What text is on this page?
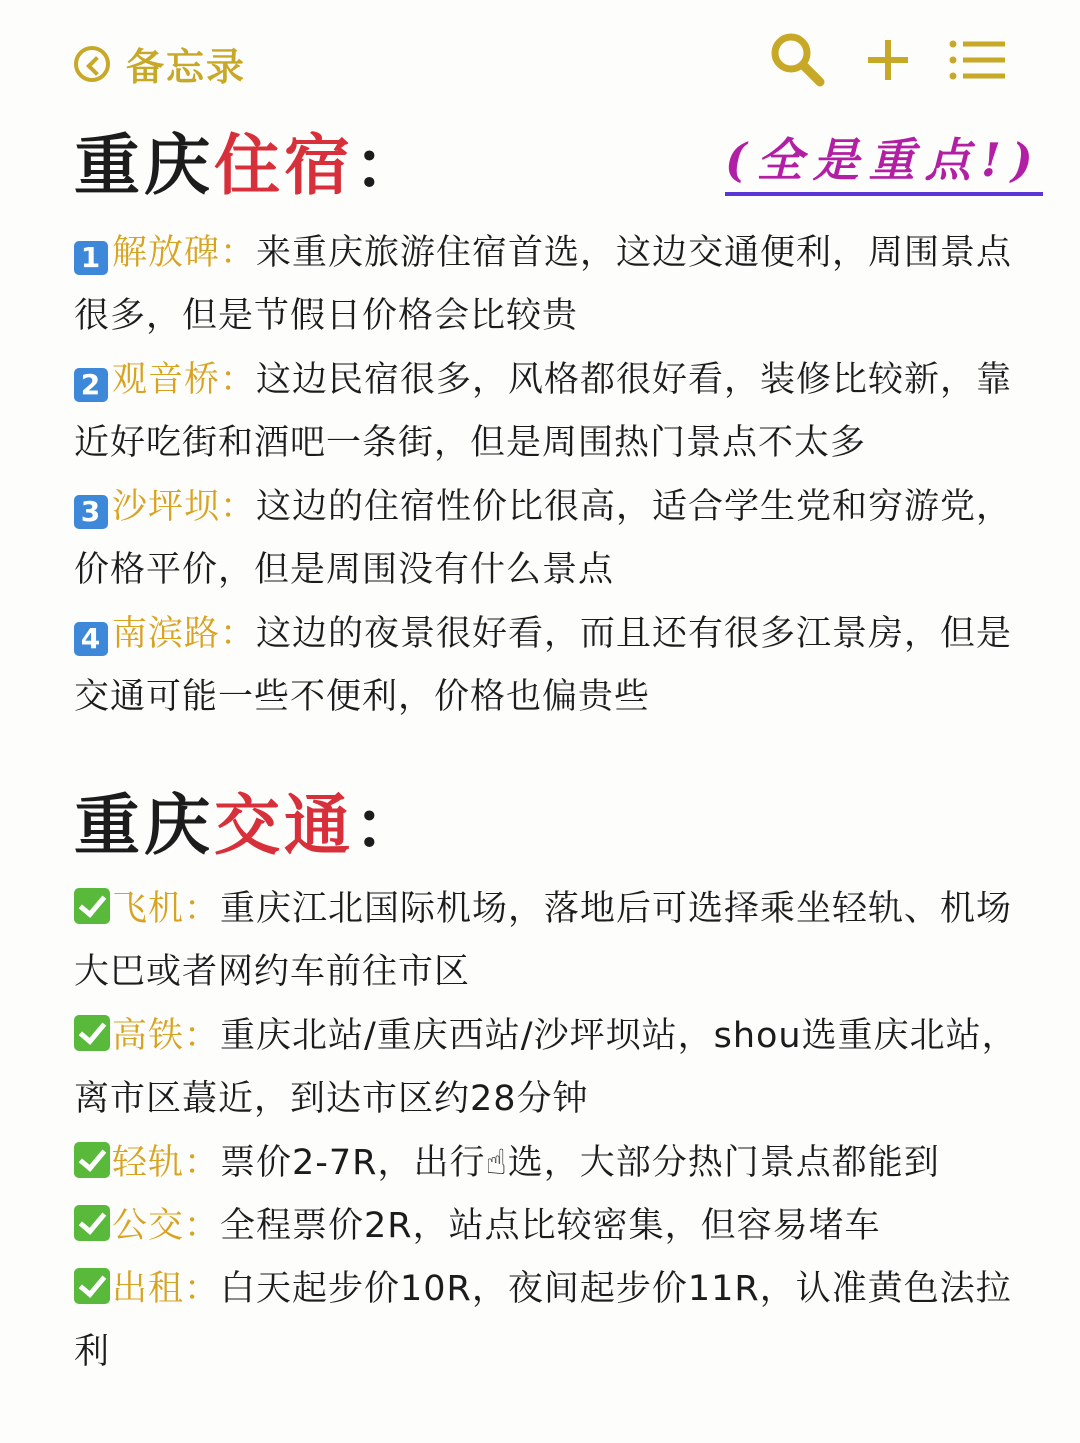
备忘录
重庆住宿：	(全是重点!)
1 解放碑：来重庆旅游住宿首选，这边交通便利，周围景点很多，但是节假日价格会比较贵
2 观音桥：这边民宿很多，风格都很好看，装修比较新，靠近好吃街和酒吧一条街，但是周围热门景点不太多
3 沙坪坝：这边的住宿性价比很高，适合学生党和穷游党，价格平价，但是周围没有什么景点
4 南滨路：这边的夜景很好看，而且还有很多江景房，但是交通可能一些不便利，价格也偏贵些
重庆交通：
飞机：重庆江北国际机场，落地后可选择乘坐轻轨、机场大巴或者网约车前往市区
高铁：重庆北站/重庆西站/沙坪坝站，shou选重庆北站，离市区蕞近，到达市区约28分钟
轻轨：票价2-7R，出行☝选，大部分热门景点都能到
公交：全程票价2R，站点比较密集，但容易堵车
出租：白天起步价10R，夜间起步价11R，认准黄色法拉利
